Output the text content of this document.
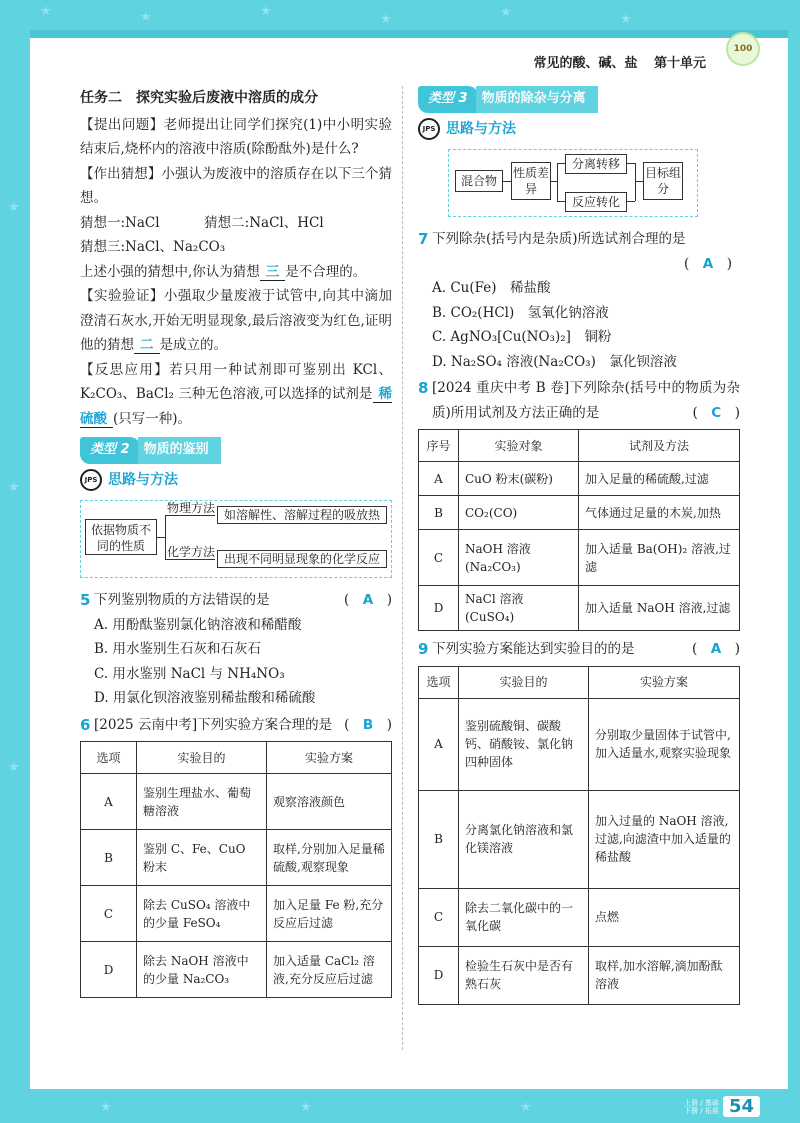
★	★	★
★	★	★
★
★
★
★	★	★
常见的酸、碱、盐 第十单元
100
任务二　探究实验后废液中溶质的成分
【提出问题】老师提出让同学们探究(1)中小明实验结束后,烧杯内的溶液中溶质(除酚酞外)是什么?
【作出猜想】小强认为废液中的溶质存在以下三个猜想。
猜想一:NaCl	猜想二:NaCl、HCl
猜想三:NaCl、Na₂CO₃
上述小强的猜想中,你认为猜想 三 是不合理的。
【实验验证】小强取少量废液于试管中,向其中滴加澄清石灰水,开始无明显现象,最后溶液变为红色,证明他的猜想 二 是成立的。
【反思应用】若只用一种试剂即可鉴别出 KCl、K₂CO₃、BaCl₂ 三种无色溶液,可以选择的试剂是 稀硫酸 (只写一种)。
类型 2	物质的鉴别
JPS 思路与方法
依据物质不同的性质
物理方法
化学方法
如溶解性、溶解过程的吸放热
出现不同明显现象的化学反应
5 下列鉴别物质的方法错误的是	(　A　)
A. 用酚酞鉴别氯化钠溶液和稀醋酸
B. 用水鉴别生石灰和石灰石
C. 用水鉴别 NaCl 与 NH₄NO₃
D. 用氯化钡溶液鉴别稀盐酸和稀硫酸
6 [2025 云南中考]下列实验方案合理的是 (　B　)
选项	实验目的	实验方案
A	鉴别生理盐水、葡萄糖溶液	观察溶液颜色
B	鉴别 C、Fe、CuO 粉末	取样,分别加入足量稀硫酸,观察现象
C	除去 CuSO₄ 溶液中的少量 FeSO₄	加入足量 Fe 粉,充分反应后过滤
D	除去 NaOH 溶液中的少量 Na₂CO₃	加入适量 CaCl₂ 溶液,充分反应后过滤
类型 3	物质的除杂与分离
JPS 思路与方法
混合物
性质差异
分离转移
反应转化
目标组分
7 下列除杂(括号内是杂质)所选试剂合理的是
(　A　)
A. Cu(Fe)　稀盐酸
B. CO₂(HCl)　氢氧化钠溶液
C. AgNO₃[Cu(NO₃)₂]　铜粉
D. Na₂SO₄ 溶液(Na₂CO₃)　氯化钡溶液
8 [2024 重庆中考 B 卷]下列除杂(括号中的物质为杂质)所用试剂及方法正确的是	(　C　)
序号	实验对象	试剂及方法
A	CuO 粉末(碳粉)	加入足量的稀硫酸,过滤
B	CO₂(CO)	气体通过足量的木炭,加热
C	NaOH 溶液(Na₂CO₃)	加入适量 Ba(OH)₂ 溶液,过滤
D	NaCl 溶液(CuSO₄)	加入适量 NaOH 溶液,过滤
9 下列实验方案能达到实验目的的是	(　A　)
选项	实验目的	实验方案
A	鉴别硫酸铜、碳酸钙、硝酸铵、氯化钠四种固体	分别取少量固体于试管中,加入适量水,观察实验现象
B	分离氯化钠溶液和氯化镁溶液	加入过量的 NaOH 溶液,过滤,向滤渣中加入适量的稀盐酸
C	除去二氧化碳中的一氧化碳	点燃
D	检验生石灰中是否有熟石灰	取样,加水溶解,滴加酚酞溶液
上册 / 基础
下册 / 拓展 54
